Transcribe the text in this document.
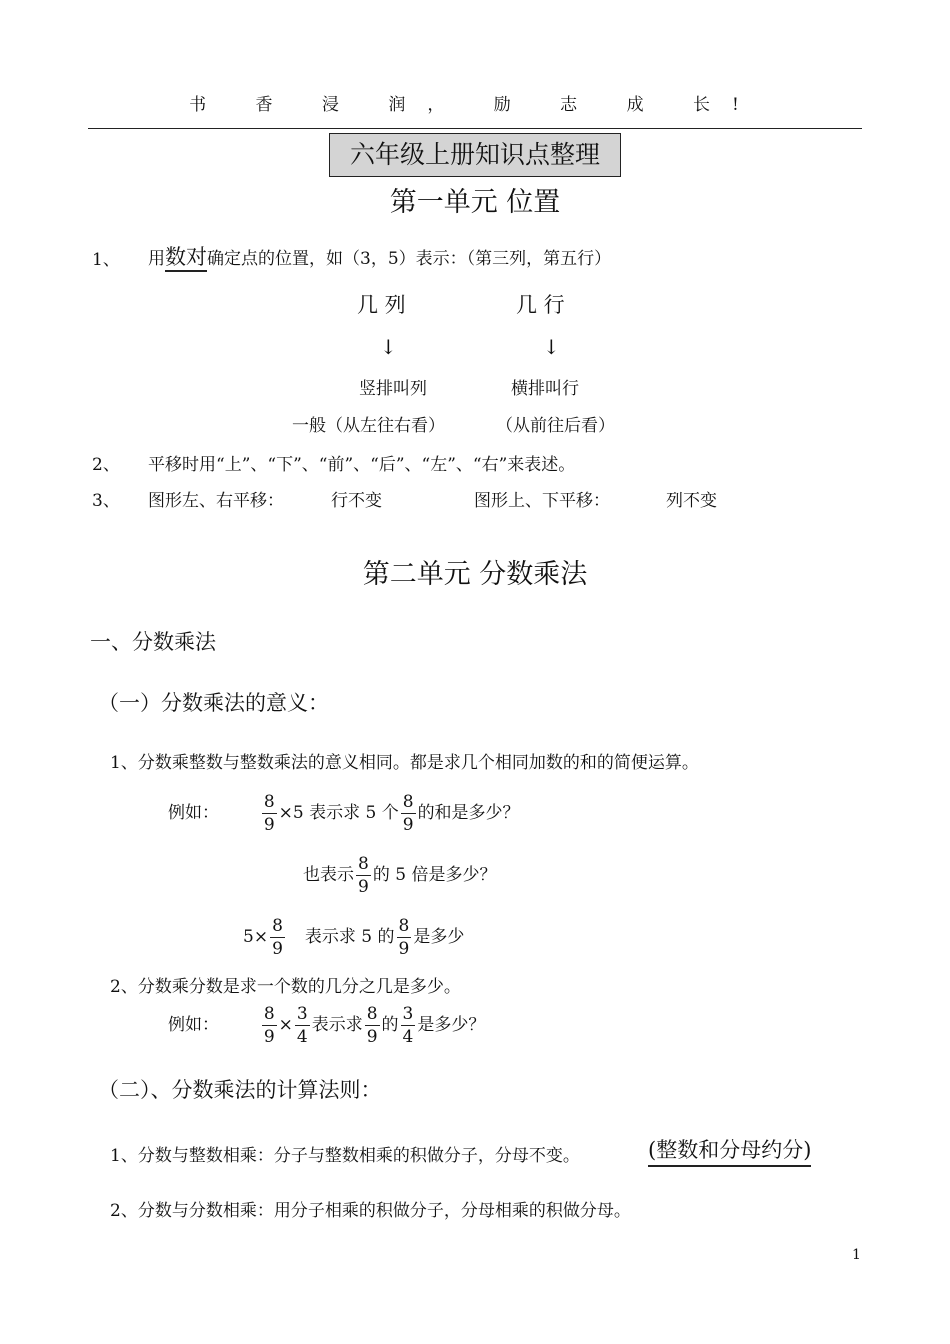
书 香 浸 润， 励 志 成 长!
六年级上册知识点整理
第一单元 位置
1、 用数对确定点的位置，如（3，5）表示：（第三列，第五行）
几 列	几 行
↓	↓
竖排叫列	横排叫行
一般（从左往右看）	（从前往后看）
2、 平移时用“上”、“下”、“前”、“后”、“左”、“右”来表述。
3、 图形左、右平移：	行不变	图形上、下平移：	列不变
第二单元 分数乘法
一、分数乘法
（一）分数乘法的意义：
1、分数乘整数与整数乘法的意义相同。都是求几个相同加数的和的简便运算。
例如：	$\frac{8}{9} \times 5$ 表示求 5 个 $\frac{8}{9}$ 的和是多少？
也表示 $\frac{8}{9}$ 的 5 倍是多少？
$5\times \frac{8}{9}$ 表示求 5 的 $\frac{8}{9}$ 是多少
2、分数乘分数是求一个数的几分之几是多少。
例如：	$\frac{8}{9} \times \frac{3}{4}$ 表示求 $\frac{8}{9}$ 的 $\frac{3}{4}$ 是多少？
（二）、分数乘法的计算法则：
1、分数与整数相乘：分子与整数相乘的积做分子，分母不变。	(整数和分母约分)
2、分数与分数相乘：用分子相乘的积做分子，分母相乘的积做分母。
1
